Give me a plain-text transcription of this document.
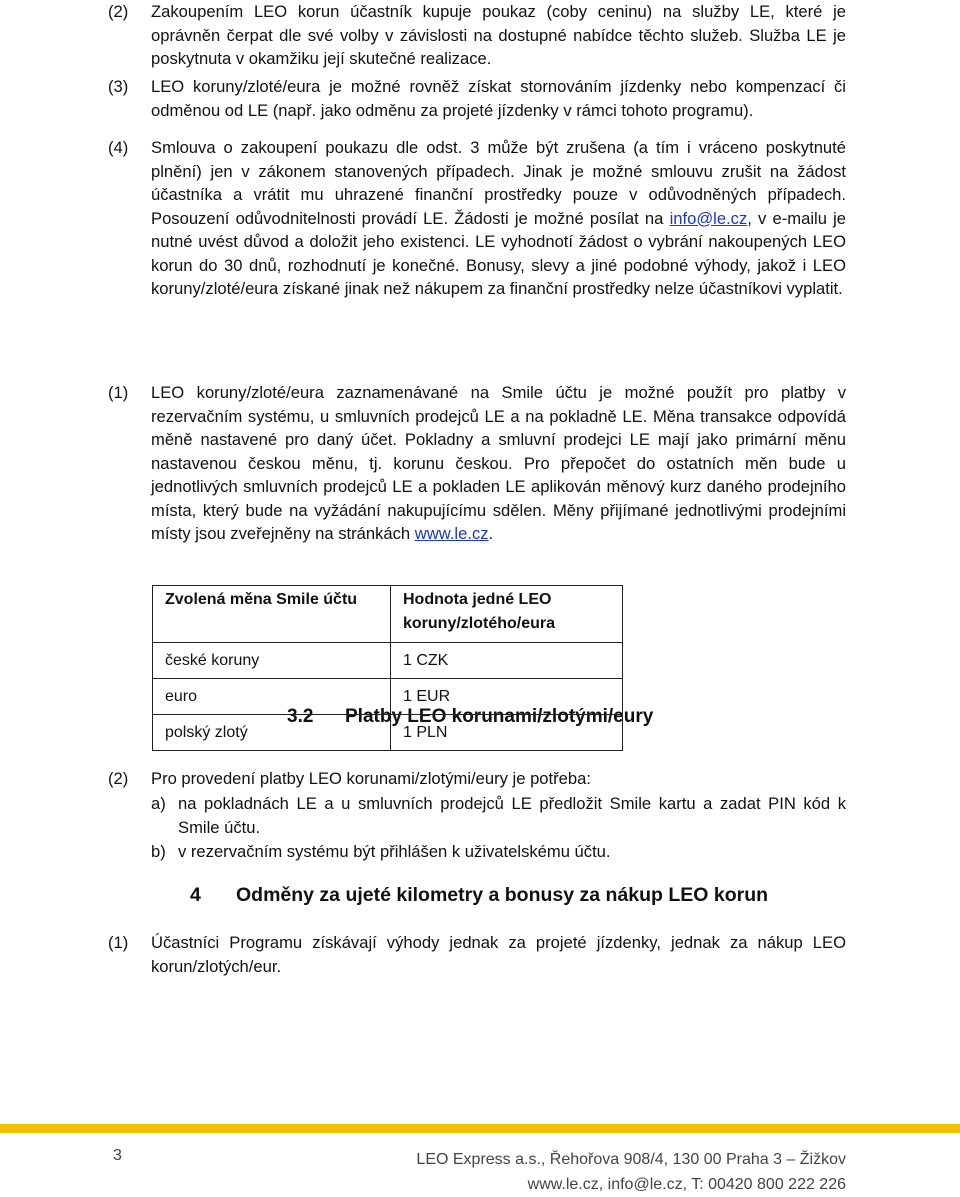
(2)	Zakoupením LEO korun účastník kupuje poukaz (coby ceninu) na služby LE, které je oprávněn čerpat dle své volby v závislosti na dostupné nabídce těchto služeb. Služba LE je poskytnuta v okamžiku její skutečné realizace.
(3)	LEO koruny/zloté/eura je možné rovněž získat stornováním jízdenky nebo kompenzací či odměnou od LE (např. jako odměnu za projeté jízdenky v rámci tohoto programu).
(4)	Smlouva o zakoupení poukazu dle odst. 3 může být zrušena (a tím i vráceno poskytnuté plnění) jen v zákonem stanovených případech. Jinak je možné smlouvu zrušit na žádost účastníka a vrátit mu uhrazené finanční prostředky pouze v odůvodněných případech. Posouzení odůvodnitelnosti provádí LE. Žádosti je možné posílat na info@le.cz, v e-mailu je nutné uvést důvod a doložit jeho existenci. LE vyhodnotí žádost o vybrání nakoupených LEO korun do 30 dnů, rozhodnutí je konečné. Bonusy, slevy a jiné podobné výhody, jakož i LEO koruny/zloté/eura získané jinak než nákupem za finanční prostředky nelze účastníkovi vyplatit.
3.2 Platby LEO korunami/zlotými/eury
(1)	LEO koruny/zloté/eura zaznamenávané na Smile účtu je možné použít pro platby v rezervačním systému, u smluvních prodejců LE a na pokladně LE. Měna transakce odpovídá měně nastavené pro daný účet. Pokladny a smluvní prodejci LE mají jako primární měnu nastavenou českou měnu, tj. korunu českou. Pro přepočet do ostatních měn bude u jednotlivých smluvních prodejců LE a pokladen LE aplikován měnový kurz daného prodejního místa, který bude na vyžádání nakupujícímu sdělen. Měny přijímané jednotlivými prodejními místy jsou zveřejněny na stránkách www.le.cz.
Zvolená měna Smile účtu	Hodnota jedné LEO koruny/zlotého/eura
české koruny	1 CZK
euro	1 EUR
polský zlotý	1 PLN
(2)	Pro provedení platby LEO korunami/zlotými/eury je potřeba:
a) na pokladnách LE a u smluvních prodejců LE předložit Smile kartu a zadat PIN kód k Smile účtu.
b) v rezervačním systému být přihlášen k uživatelskému účtu.
4 Odměny za ujeté kilometry a bonusy za nákup LEO korun
(1)	Účastníci Programu získávají výhody jednak za projeté jízdenky, jednak za nákup LEO korun/zlotých/eur.
3	LEO Express a.s., Řehořova 908/4, 130 00 Praha 3 – Žižkov
www.le.cz, info@le.cz, T: 00420 800 222 226
